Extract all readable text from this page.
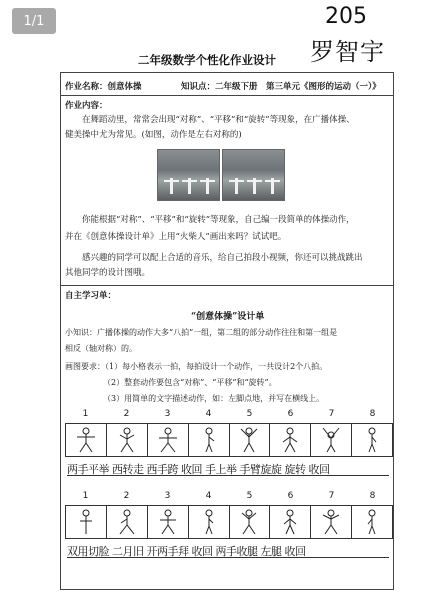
1/1	205
罗智宇
二年级数学个性化作业设计
作业名称：创意体操	知识点：二年级下册　第三单元《图形的运动（一）》
作业内容：
　　在舞蹈动里，常常会出现“对称”、“平移”和“旋转”等现象，在广播体操、
健美操中尤为常见。(如图，动作是左右对称的)
　　你能根据“对称”、“平移”和“旋转”等现象，自己编一段简单的体操动作，
并在《创意体操设计单》上用“火柴人”画出来吗？试试吧。
　　感兴趣的同学可以配上合适的音乐，给自己拍段小视频，你还可以挑战跳出
其他同学的设计图哦。
自主学习单：
“创意体操”设计单
小知识：广播体操的动作大多“八拍”一组，第二组的部分动作往往和第一组是
相反（轴对称）的。
画图要求：（1）每小格表示一拍，每拍设计一个动作，一共设计2个八拍。
（2）整套动作要包含“对称”、“平移”和“旋转”。
（3）用简单的文字描述动作，如：左脚点地，并写在横线上。
1	2	3	4	5	6	7	8
两手平举 西转走 西手跨 收回 手上举 手臂旋旋 旋转 收回
1	2	3	4	5	6	7	8
双用切脸 二月旧 开两手拜 收回 两手收腿 左腿 收回
